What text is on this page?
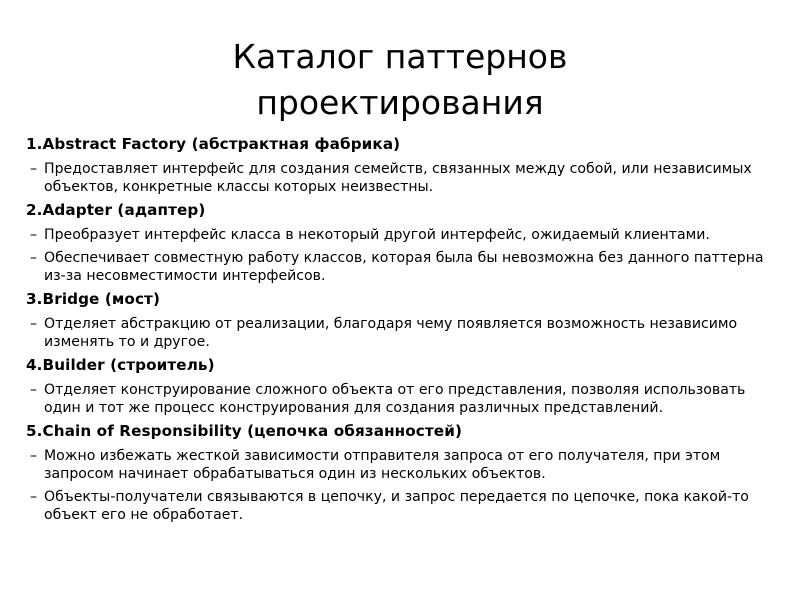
Каталог паттернов
проектирования
1.Abstract Factory (абстрактная фабрика)
– Предоставляет интерфейс для создания семейств, связанных между собой, или независимых объектов, конкретные классы которых неизвестны.
2.Adapter (адаптер)
– Преобразует интерфейс класса в некоторый другой интерфейс, ожидаемый клиентами.
– Обеспечивает совместную работу классов, которая была бы невозможна без данного паттерна из-за несовместимости интерфейсов.
3.Bridge (мост)
– Отделяет абстракцию от реализации, благодаря чему появляется возможность независимо изменять то и другое.
4.Builder (строитель)
– Отделяет конструирование сложного объекта от его представления, позволяя использовать один и тот же процесс конструирования для создания различных представлений.
5.Chain of Responsibility (цепочка обязанностей)
– Можно избежать жесткой зависимости отправителя запроса от его получателя, при этом запросом начинает обрабатываться один из нескольких объектов.
– Объекты-получатели связываются в цепочку, и запрос передается по цепочке, пока какой-то объект его не обработает.
